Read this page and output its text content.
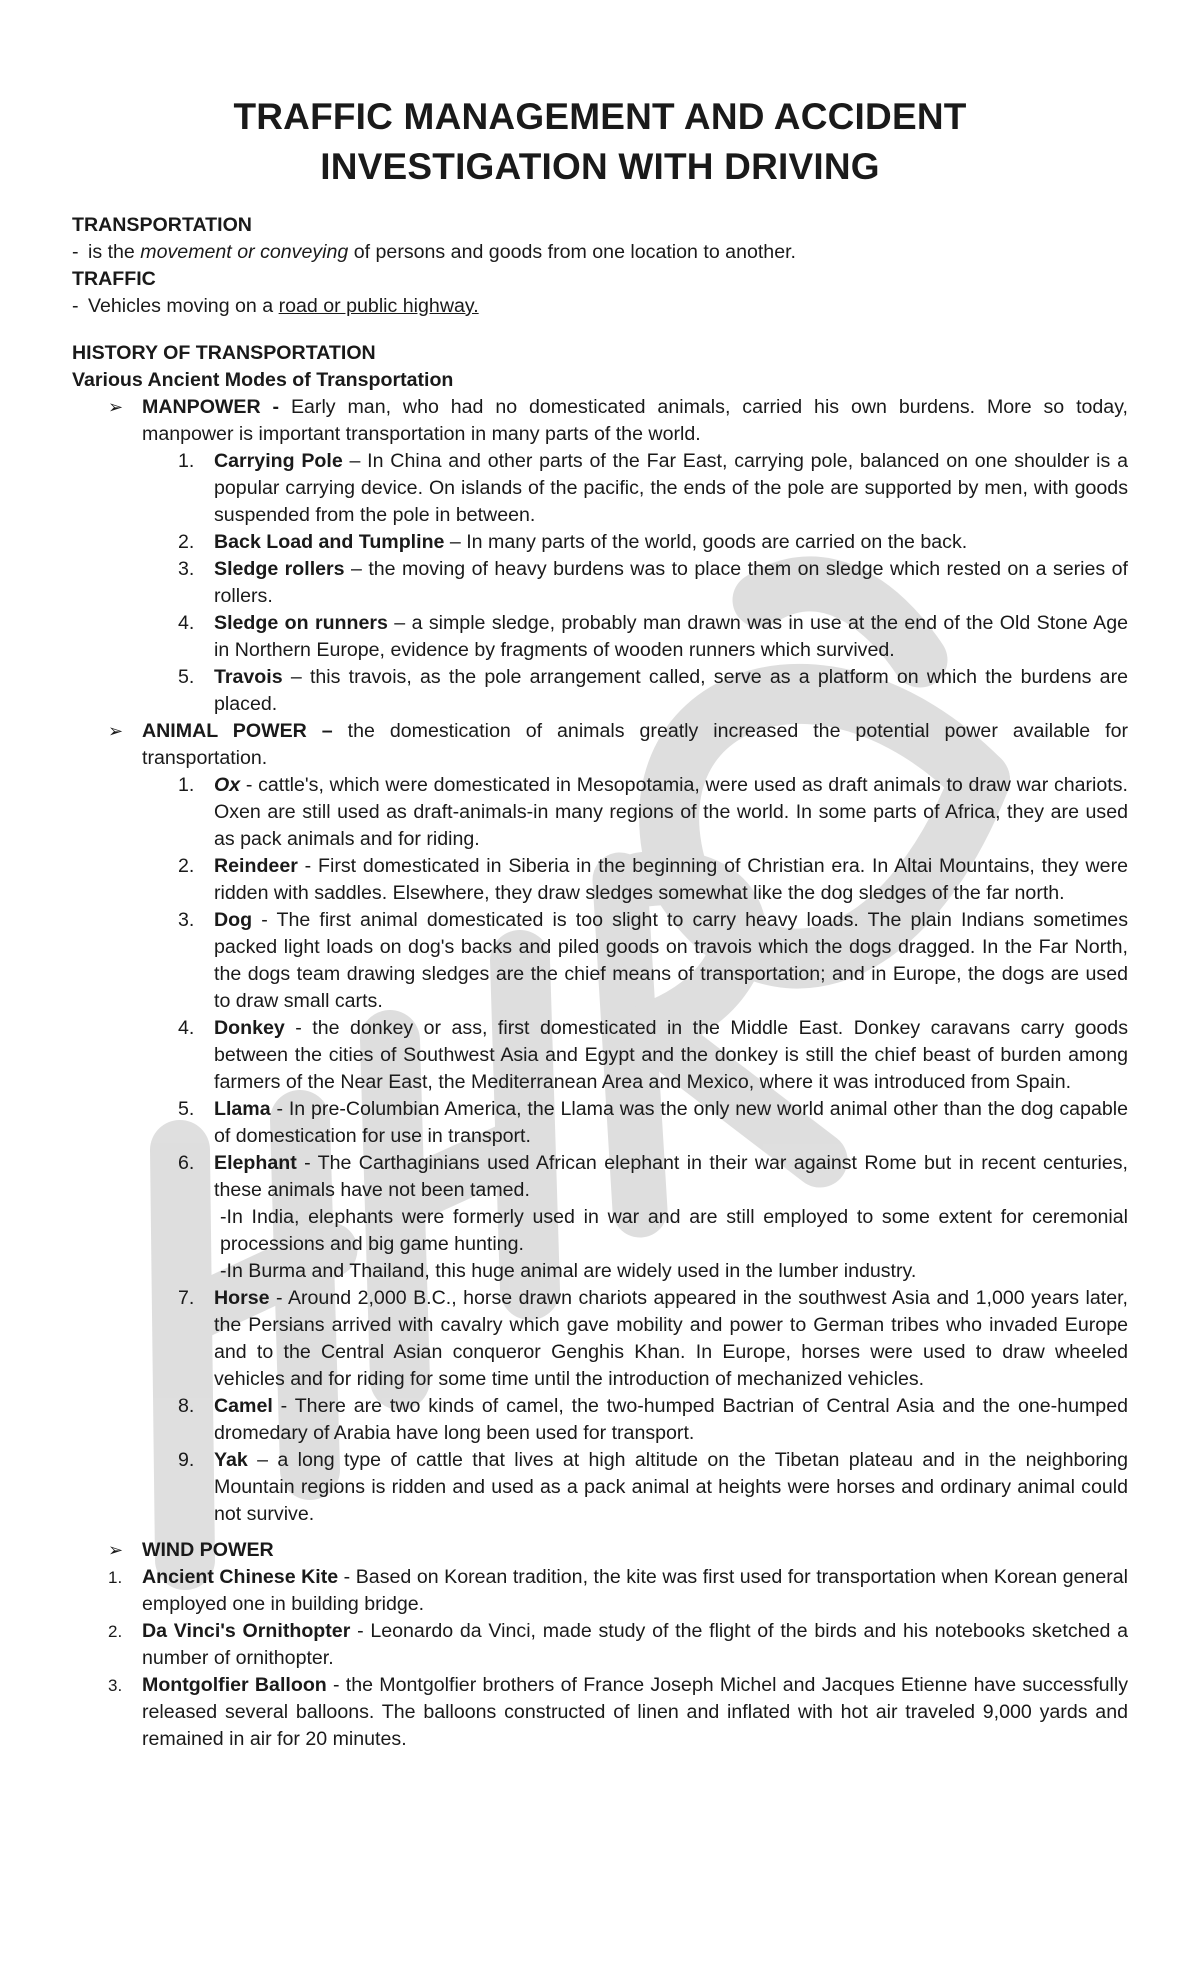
TRAFFIC MANAGEMENT AND ACCIDENT
INVESTIGATION WITH DRIVING

TRANSPORTATION

- is the movement or conveying of persons and goods from one location to another.

TRAFFIC

- Vehicles moving on a road or public highway.

HISTORY OF TRANSPORTATION

Various Ancient Modes of Transportation

➢ MANPOWER - Early man, who had no domesticated animals, carried his own burdens. More so today, manpower is important transportation in many parts of the world.
1. Carrying Pole – In China and other parts of the Far East, carrying pole, balanced on one shoulder is a popular carrying device. On islands of the pacific, the ends of the pole are supported by men, with goods suspended from the pole in between.
2. Back Load and Tumpline – In many parts of the world, goods are carried on the back.
3. Sledge rollers – the moving of heavy burdens was to place them on sledge which rested on a series of rollers.
4. Sledge on runners – a simple sledge, probably man drawn was in use at the end of the Old Stone Age in Northern Europe, evidence by fragments of wooden runners which survived.
5. Travois – this travois, as the pole arrangement called, serve as a platform on which the burdens are placed.
➢ ANIMAL POWER – the domestication of animals greatly increased the potential power available for transportation.
1. Ox - cattle's, which were domesticated in Mesopotamia, were used as draft animals to draw war chariots. Oxen are still used as draft-animals-in many regions of the world. In some parts of Africa, they are used as pack animals and for riding.
2. Reindeer - First domesticated in Siberia in the beginning of Christian era. In Altai Mountains, they were ridden with saddles. Elsewhere, they draw sledges somewhat like the dog sledges of the far north.
3. Dog - The first animal domesticated is too slight to carry heavy loads. The plain Indians sometimes packed light loads on dog's backs and piled goods on travois which the dogs dragged. In the Far North, the dogs team drawing sledges are the chief means of transportation; and in Europe, the dogs are used to draw small carts.
4. Donkey - the donkey or ass, first domesticated in the Middle East. Donkey caravans carry goods between the cities of Southwest Asia and Egypt and the donkey is still the chief beast of burden among farmers of the Near East, the Mediterranean Area and Mexico, where it was introduced from Spain.
5. Llama - In pre-Columbian America, the Llama was the only new world animal other than the dog capable of domestication for use in transport.
6. Elephant - The Carthaginians used African elephant in their war against Rome but in recent centuries, these animals have not been tamed.
-In India, elephants were formerly used in war and are still employed to some extent for ceremonial processions and big game hunting.
-In Burma and Thailand, this huge animal are widely used in the lumber industry.
7. Horse - Around 2,000 B.C., horse drawn chariots appeared in the southwest Asia and 1,000 years later, the Persians arrived with cavalry which gave mobility and power to German tribes who invaded Europe and to the Central Asian conqueror Genghis Khan. In Europe, horses were used to draw wheeled vehicles and for riding for some time until the introduction of mechanized vehicles.
8. Camel - There are two kinds of camel, the two-humped Bactrian of Central Asia and the one-humped dromedary of Arabia have long been used for transport.
9. Yak – a long type of cattle that lives at high altitude on the Tibetan plateau and in the neighboring Mountain regions is ridden and used as a pack animal at heights were horses and ordinary animal could not survive.
➢ WIND POWER
1. Ancient Chinese Kite - Based on Korean tradition, the kite was first used for transportation when Korean general employed one in building bridge.
2. Da Vinci's Ornithopter - Leonardo da Vinci, made study of the flight of the birds and his notebooks sketched a number of ornithopter.
3. Montgolfier Balloon - the Montgolfier brothers of France Joseph Michel and Jacques Etienne have successfully released several balloons. The balloons constructed of linen and inflated with hot air traveled 9,000 yards and remained in air for 20 minutes.
